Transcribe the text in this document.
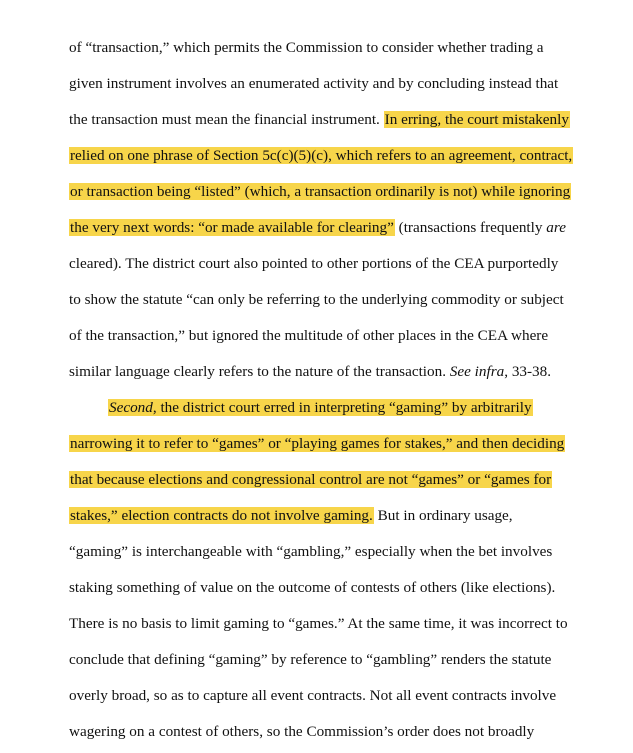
of “transaction,” which permits the Commission to consider whether trading a
given instrument involves an enumerated activity and by concluding instead that
the transaction must mean the financial instrument. In erring, the court mistakenly
relied on one phrase of Section 5c(c)(5)(c), which refers to an agreement, contract,
or transaction being “listed” (which, a transaction ordinarily is not) while ignoring
the very next words: “or made available for clearing” (transactions frequently are
cleared). The district court also pointed to other portions of the CEA purportedly
to show the statute “can only be referring to the underlying commodity or subject
of the transaction,” but ignored the multitude of other places in the CEA where
similar language clearly refers to the nature of the transaction. See infra, 33-38.
Second, the district court erred in interpreting “gaming” by arbitrarily
narrowing it to refer to “games” or “playing games for stakes,” and then deciding
that because elections and congressional control are not “games” or “games for
stakes,” election contracts do not involve gaming. But in ordinary usage,
“gaming” is interchangeable with “gambling,” especially when the bet involves
staking something of value on the outcome of contests of others (like elections).
There is no basis to limit gaming to “games.” At the same time, it was incorrect to
conclude that defining “gaming” by reference to “gambling” renders the statute
overly broad, so as to capture all event contracts. Not all event contracts involve
wagering on a contest of others, so the Commission’s order does not broadly
